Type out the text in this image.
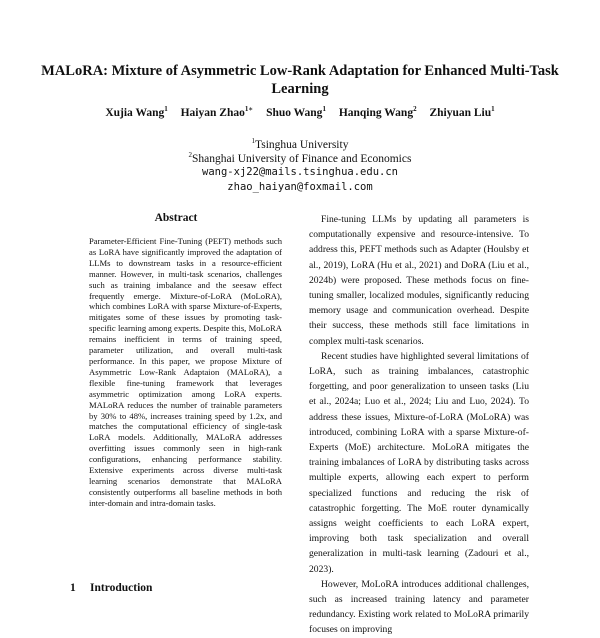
MALoRA: Mixture of Asymmetric Low-Rank Adaptation for Enhanced Multi-Task Learning
Xujia Wang$^1$ Haiyan Zhao$^{1∗}$ Shuo Wang$^1$ Hanqing Wang$^2$ Zhiyuan Liu$^1$

$^1$Tsinghua University

$^2$Shanghai University of Finance and Economics

wang-xj22@mails.tsinghua.edu.cn

zhao_haiyan@foxmail.com

Abstract

Parameter-Efficient Fine-Tuning (PEFT) methods such as LoRA have significantly improved the adaptation of LLMs to downstream tasks in a resource-efficient manner. However, in multi-task scenarios, challenges such as training imbalance and the seesaw effect frequently emerge. Mixture-of-LoRA (MoLoRA), which combines LoRA with sparse Mixture-of-Experts, mitigates some of these issues by promoting task-specific learning among experts. Despite this, MoLoRA remains inefficient in terms of training speed, parameter utilization, and overall multi-task performance. In this paper, we propose Mixture of Asymmetric Low-Rank Adaptaion (MALoRA), a flexible fine-tuning framework that leverages asymmetric optimization among LoRA experts. MALoRA reduces the number of trainable parameters by 30% to 48%, increases training speed by 1.2x, and matches the computational efficiency of single-task LoRA models. Additionally, MALoRA addresses overfitting issues commonly seen in high-rank configurations, enhancing performance stability. Extensive experiments across diverse multi-task learning scenarios demonstrate that MALoRA consistently outperforms all baseline methods in both inter-domain and intra-domain tasks.

1 Introduction

Fine-tuning LLMs by updating all parameters is computationally expensive and resource-intensive. To address this, PEFT methods such as Adapter (Houlsby et al., 2019), LoRA (Hu et al., 2021) and DoRA (Liu et al., 2024b) were proposed. These methods focus on fine-tuning smaller, localized modules, significantly reducing memory usage and communication overhead. Despite their success, these methods still face limitations in complex multi-task scenarios.

Recent studies have highlighted several limitations of LoRA, such as training imbalances, catastrophic forgetting, and poor generalization to unseen tasks (Liu et al., 2024a; Luo et al., 2024; Liu and Luo, 2024). To address these issues, Mixture-of-LoRA (MoLoRA) was introduced, combining LoRA with a sparse Mixture-of-Experts (MoE) architecture. MoLoRA mitigates the training imbalances of LoRA by distributing tasks across multiple experts, allowing each expert to perform specialized functions and reducing the risk of catastrophic forgetting. The MoE router dynamically assigns weight coefficients to each LoRA expert, improving both task specialization and overall generalization in multi-task learning (Zadouri et al., 2023).

However, MoLoRA introduces additional challenges, such as increased training latency and parameter redundancy. Existing work related to MoLoRA primarily focuses on improving
